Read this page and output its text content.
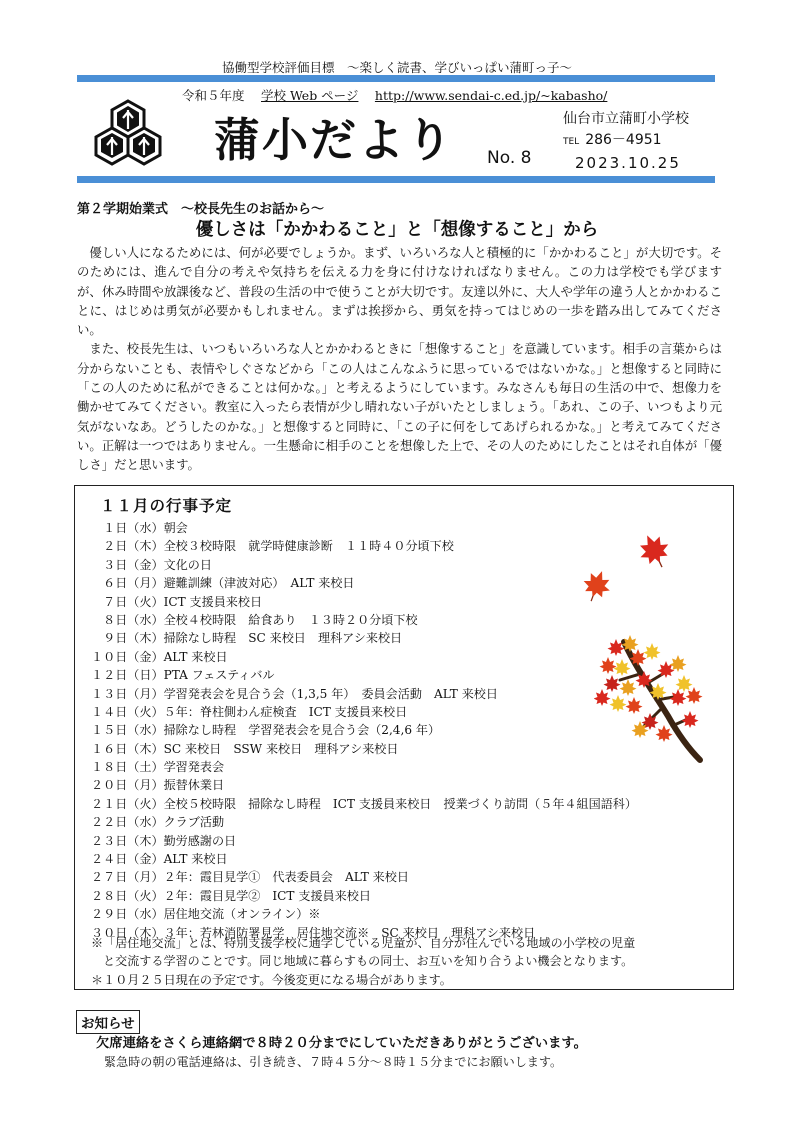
協働型学校評価目標　～楽しく読書、学びいっぱい蒲町っ子～
令和５年度　 学校 Web ページ　 http://www.sendai-c.ed.jp/~kabasho/
蒲小だより No. 8
仙台市立蒲町小学校
TEL 286－4951
2023.10.25
第２学期始業式　～校長先生のお話から～
優しさは「かかわること」と「想像すること」から

優しい人になるためには、何が必要でしょうか。まず、いろいろな人と積極的に「かかわること」が大切です。そのためには、進んで自分の考えや気持ちを伝える力を身に付けなければなりません。この力は学校でも学びますが、休み時間や放課後など、普段の生活の中で使うことが大切です。友達以外に、大人や学年の違う人とかかわることに、はじめは勇気が必要かもしれません。まずは挨拶から、勇気を持ってはじめの一歩を踏み出してみてください。

また、校長先生は、いつもいろいろな人とかかわるときに「想像すること」を意識しています。相手の言葉からは分からないことも、表情やしぐさなどから「この人はこんなふうに思っているではないかな。」と想像すると同時に「この人のために私ができることは何かな。」と考えるようにしています。みなさんも毎日の生活の中で、想像力を働かせてみてください。教室に入ったら表情が少し晴れない子がいたとしましょう。「あれ、この子、いつもより元気がないなあ。どうしたのかな。」と想像すると同時に、「この子に何をしてあげられるかな。」と考えてみてください。正解は一つではありません。一生懸命に相手のことを想像した上で、その人のためにしたことはそれ自体が「優しさ」だと思います。

１１月の行事予定
　１日（水）朝会
　２日（木）全校３校時限　就学時健康診断　１１時４０分頃下校
　３日（金）文化の日
　６日（月）避難訓練（津波対応）　ALT 来校日
　７日（火）ICT 支援員来校日
　８日（水）全校４校時限　給食あり　１３時２０分頃下校
　９日（木）掃除なし時程　SC 来校日　理科アシ来校日
１０日（金）ALT 来校日
１２日（日）PTA フェスティバル
１３日（月）学習発表会を見合う会（1,3,5 年）　委員会活動　ALT 来校日
１４日（火）５年：脊柱側わん症検査　ICT 支援員来校日
１５日（水）掃除なし時程　学習発表会を見合う会（2,4,6 年）
１６日（木）SC 来校日　SSW 来校日　理科アシ来校日
１８日（土）学習発表会
２０日（月）振替休業日
２１日（火）全校５校時限　掃除なし時程　ICT 支援員来校日　授業づくり訪問（５年４組国語科）
２２日（水）クラブ活動
２３日（木）勤労感謝の日
２４日（金）ALT 来校日
２７日（月）２年：霞目見学①　代表委員会　ALT 来校日
２８日（火）２年：霞目見学②　ICT 支援員来校日
２９日（水）居住地交流（オンライン）※
３０日（木）３年：若林消防署見学　居住地交流※　SC 来校日　理科アシ来校日
※「居住地交流」とは、特別支援学校に通学している児童が、自分が住んでいる地域の小学校の児童
と交流する学習のことです。同じ地域に暮らすもの同士、お互いを知り合うよい機会となります。
＊１０月２５日現在の予定です。今後変更になる場合があります。
お知らせ
欠席連絡をさくら連絡網で８時２０分までにしていただきありがとうございます。
緊急時の朝の電話連絡は、引き続き、７時４５分～８時１５分までにお願いします。
